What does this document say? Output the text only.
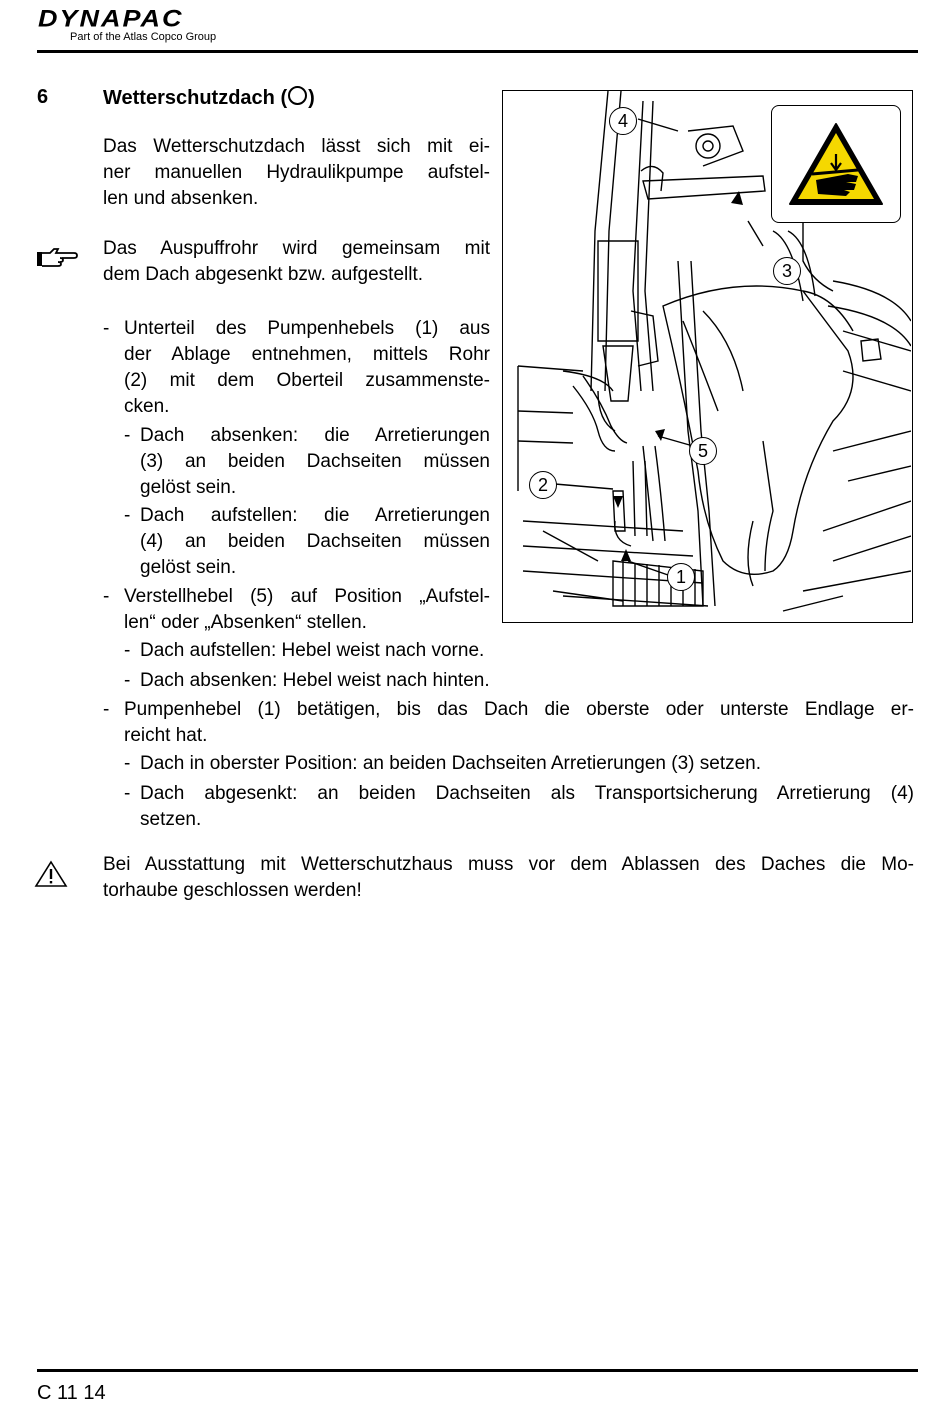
DYNAPAC
Part of the Atlas Copco Group
6	Wetterschutzdach ( )
Das Wetterschutzdach lässt sich mit ei-
ner manuellen Hydraulikpumpe aufstel-
len und absenken.
Das Auspuffrohr wird gemeinsam mit
dem Dach abgesenkt bzw. aufgestellt.
- Unterteil des Pumpenhebels (1) aus
der Ablage entnehmen, mittels Rohr
(2) mit dem Oberteil zusammenste-
cken.
- Dach absenken: die Arretierungen
(3) an beiden Dachseiten müssen
gelöst sein.
- Dach aufstellen: die Arretierungen
(4) an beiden Dachseiten müssen
gelöst sein.
- Verstellhebel (5) auf Position „Aufstel-
len“ oder „Absenken“ stellen.
- Dach aufstellen: Hebel weist nach vorne.
- Dach absenken: Hebel weist nach hinten.
- Pumpenhebel (1) betätigen, bis das Dach die oberste oder unterste Endlage er-
reicht hat.
- Dach in oberster Position: an beiden Dachseiten Arretierungen (3) setzen.
- Dach abgesenkt: an beiden Dachseiten als Transportsicherung Arretierung (4)
setzen.
Bei Ausstattung mit Wetterschutzhaus muss vor dem Ablassen des Daches die Mo-
torhaube geschlossen werden!
4
3
5
2
1
C 11 14
